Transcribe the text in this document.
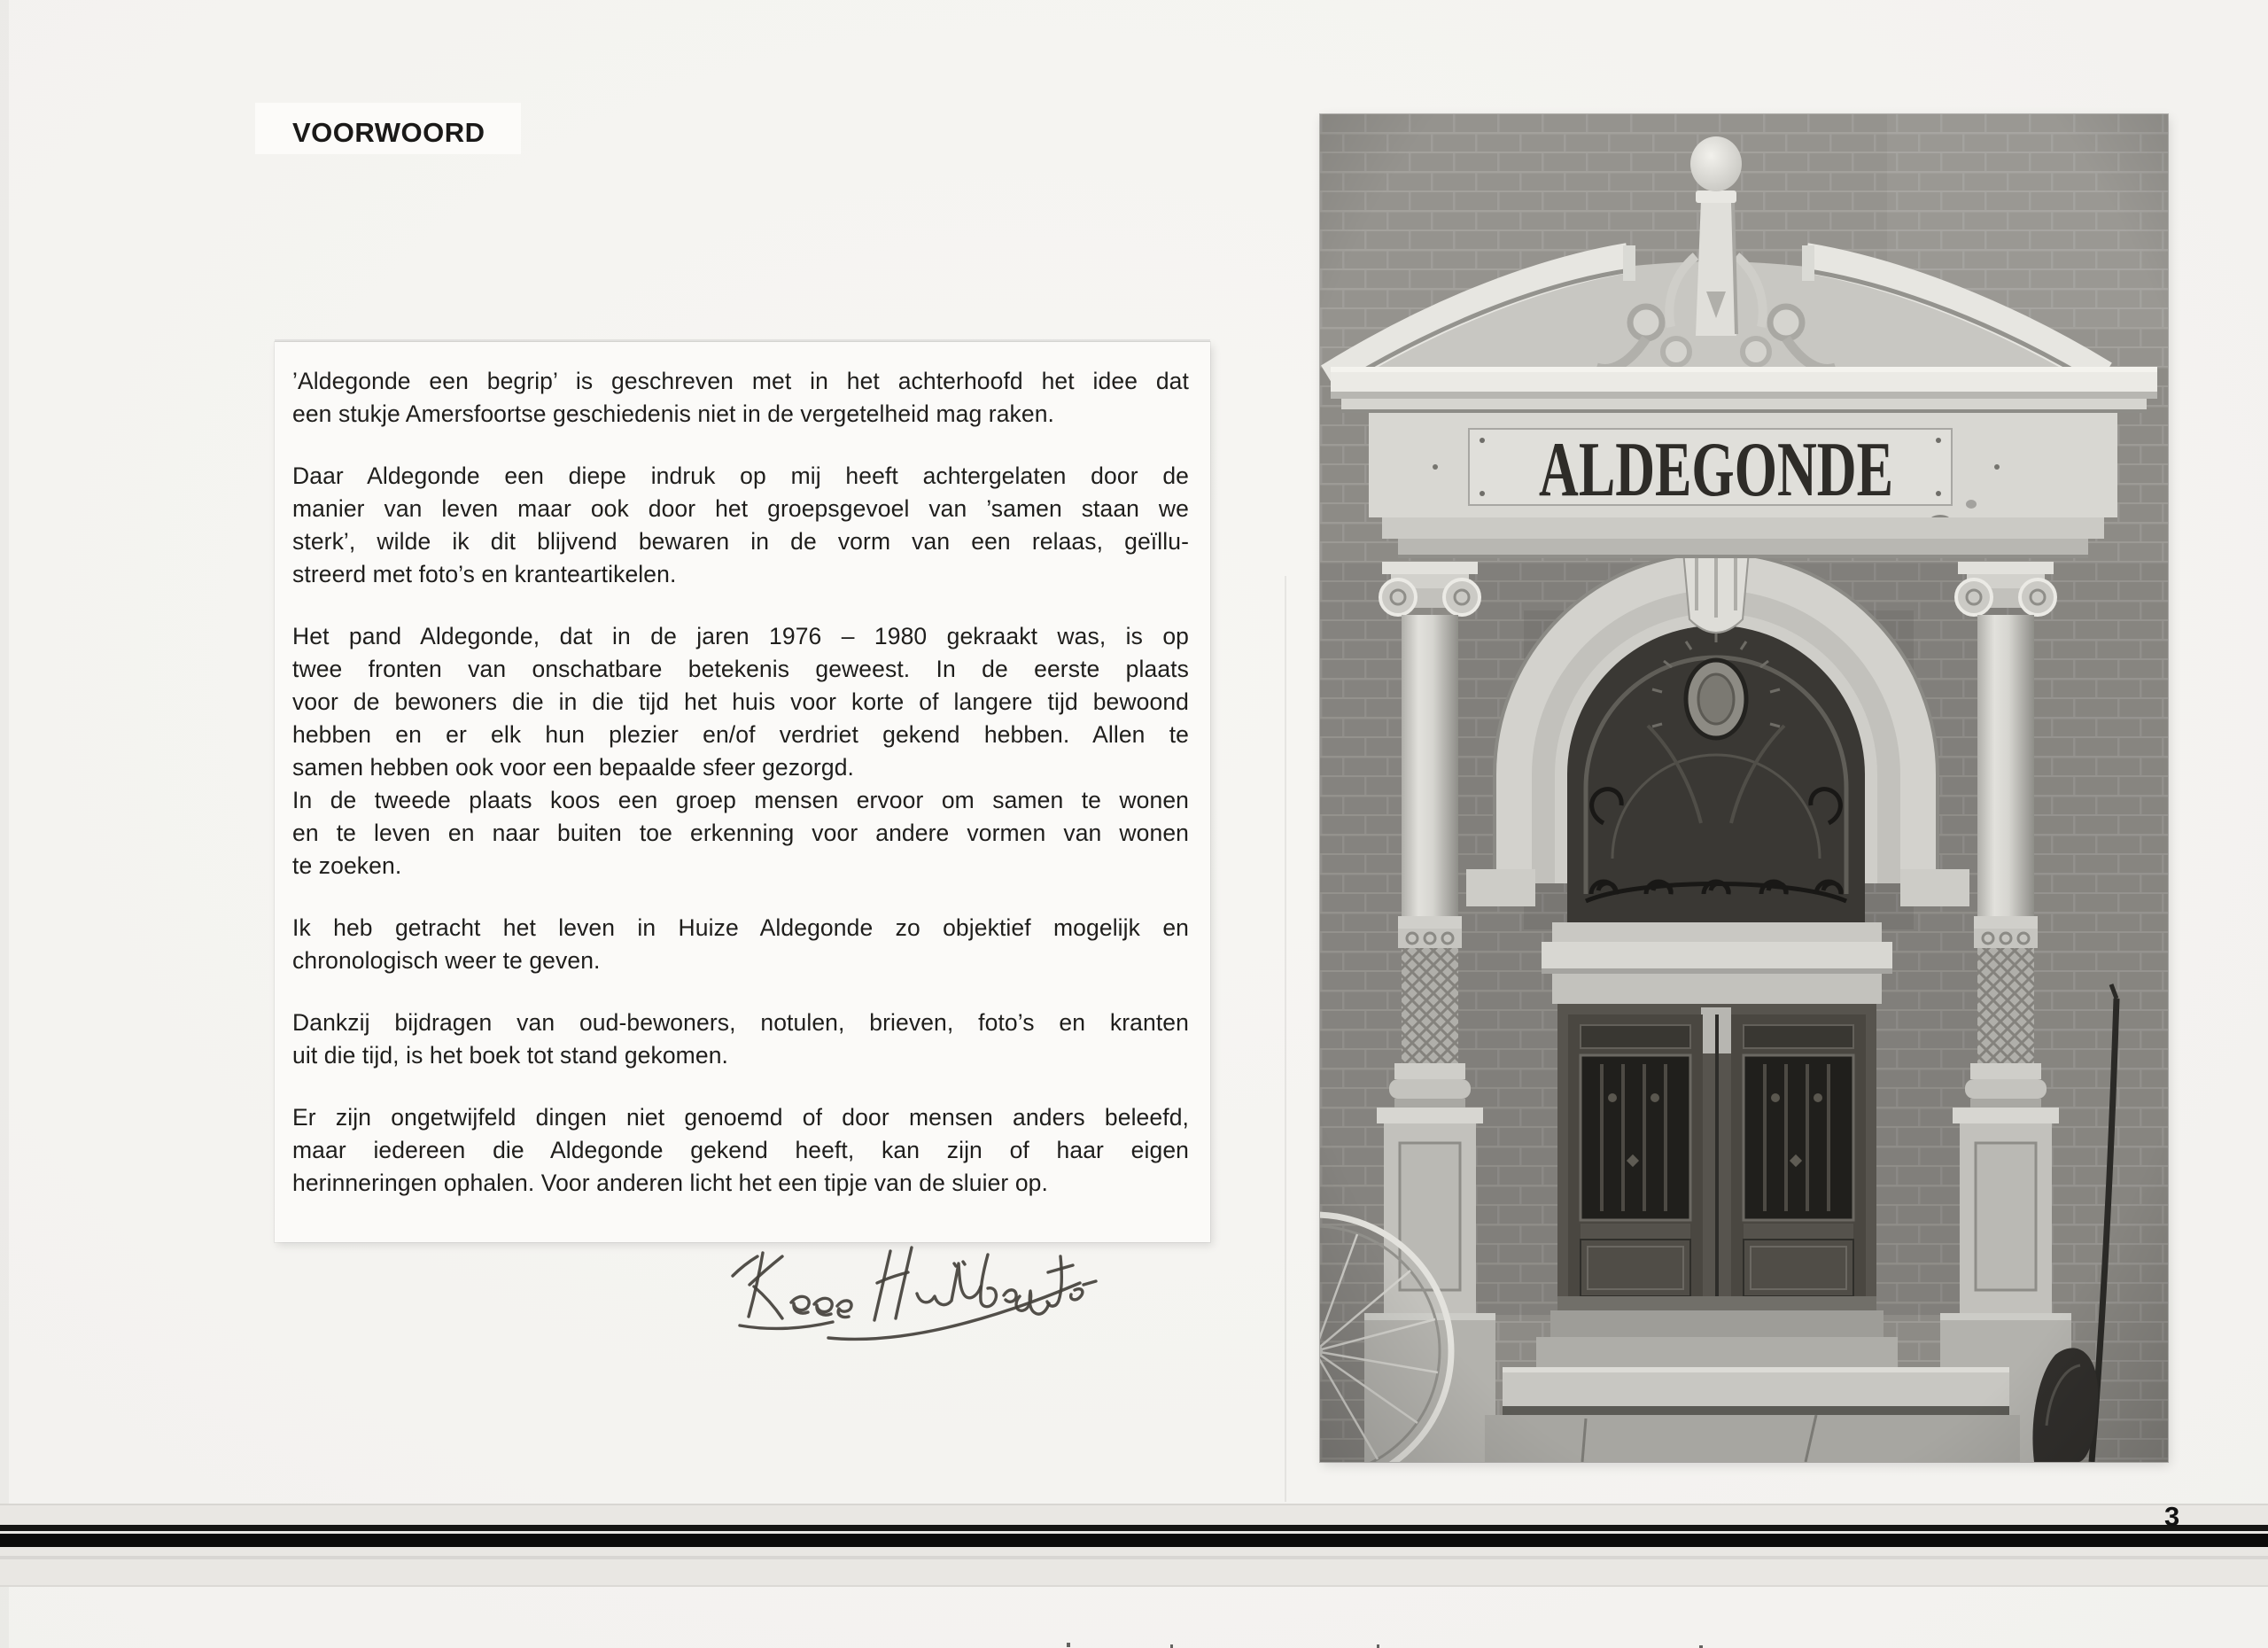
VOORWOORD
’Aldegonde een begrip’ is geschreven met in het achterhoofd het idee dat
een stukje Amersfoortse geschiedenis niet in de vergetelheid mag raken.
Daar Aldegonde een diepe indruk op mij heeft achtergelaten door de
manier van leven maar ook door het groepsgevoel van ’samen staan we
sterk’, wilde ik dit blijvend bewaren in de vorm van een relaas, geïllu-
streerd met foto’s en kranteartikelen.
Het pand Aldegonde, dat in de jaren 1976 – 1980 gekraakt was, is op
twee fronten van onschatbare betekenis geweest. In de eerste plaats
voor de bewoners die in die tijd het huis voor korte of langere tijd bewoond
hebben en er elk hun plezier en/of verdriet gekend hebben. Allen te
samen hebben ook voor een bepaalde sfeer gezorgd.
In de tweede plaats koos een groep mensen ervoor om samen te wonen
en te leven en naar buiten toe erkenning voor andere vormen van wonen
te zoeken.
Ik heb getracht het leven in Huize Aldegonde zo objektief mogelijk en
chronologisch weer te geven.
Dankzij bijdragen van oud-bewoners, notulen, brieven, foto’s en kranten
uit die tijd, is het boek tot stand gekomen.
Er zijn ongetwijfeld dingen niet genoemd of door mensen anders beleefd,
maar iedereen die Aldegonde gekend heeft, kan zijn of haar eigen
herinneringen ophalen. Voor anderen licht het een tipje van de sluier op.
3
